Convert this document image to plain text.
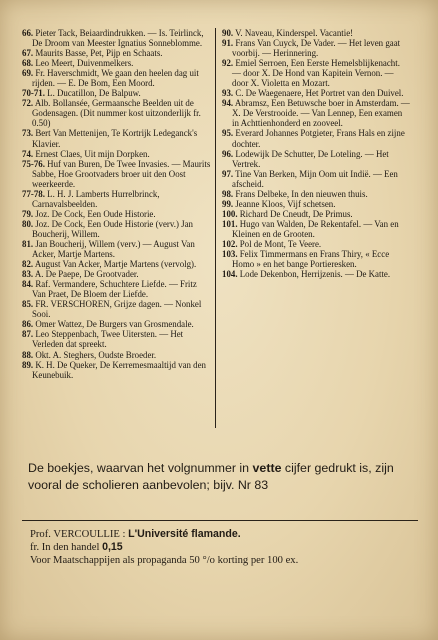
66. Pieter Tack, Beiaardindrukken. — Is. Teirlinck, De Droom van Meester Ignatius Sonneblomme.
67. Maurits Basse, Pet, Pijp en Schaats.
68. Leo Meert, Duivenmelkers.
69. Fr. Haverschmidt, We gaan den heelen dag uit rijden. — E. De Bom, Een Moord.
70-71. L. Ducatillon, De Balpuw.
72. Alb. Bollansée, Germaansche Beelden uit de Godensagen. (Dit nummer kost uitzonderlijk fr. 0.50)
73. Bert Van Mettenijen, Te Kortrijk Ledeganck's Klavier.
74. Ernest Claes, Uit mijn Dorpken.
75-76. Huf van Buren, De Twee Invasies. — Maurits Sabbe, Hoe Grootvaders broer uit den Oost weerkeerde.
77-78. L. H. J. Lamberts Hurrelbrinck, Carnavalsbeelden.
79. Joz. De Cock, Een Oude Historie.
80. Joz. De Cock, Een Oude Historie (verv.) Jan Boucherij, Willem.
81. Jan Boucherij, Willem (verv.) — August Van Acker, Martje Martens.
82. August Van Acker, Martje Martens (vervolg).
83. A. De Paepe, De Grootvader.
84. Raf. Vermandere, Schuchtere Liefde. — Fritz Van Praet, De Bloem der Liefde.
85. FR. VERSCHOREN, Grijze dagen. — Nonkel Sooi.
86. Omer Wattez, De Burgers van Grosmendale.
87. Leo Steppenbach, Twee Uitersten. — Het Verleden dat spreekt.
88. Okt. A. Steghers, Oudste Broeder.
89. K. H. De Queker, De Kerremesmaaltijd van den Keunebuik.
90. V. Naveau, Kinderspel. Vacantie!
91. Frans Van Cuyck, De Vader. — Het leven gaat voorbij. — Herinnering.
92. Emiel Serroen, Een Eerste Hemelsblijkenacht. — door X. De Hond van Kapitein Vernon. — door X. Violetta en Mozart.
93. C. De Waegenaere, Het Portret van den Duivel.
94. Abramsz, Een Betuwsche boer in Amsterdam. — X. De Verstrooide. — Van Lennep, Een examen in Achttienhonderd en zooveel.
95. Everard Johannes Potgieter, Frans Hals en zijne dochter.
96. Lodewijk De Schutter, De Loteling. — Het Vertrek.
97. Tine Van Berken, Mijn Oom uit Indië. — Een afscheid.
98. Frans Delbeke, In den nieuwen thuis.
99. Jeanne Kloos, Vijf schetsen.
100. Richard De Cneudt, De Primus.
101. Hugo van Walden, De Rekentafel. — Van en Kleinen en de Grooten.
102. Pol de Mont, Te Veere.
103. Felix Timmermans en Frans Thiry, « Ecce Homo » en het bange Portieresken.
104. Lode Dekenbon, Herrijzenis. — De Katte.
De boekjes, waarvan het volgnummer in vette cijfer gedrukt is, zijn vooral de scholieren aanbevolen; bijv. Nr 83
Prof. VERCOULLIE : L'Université flamande.
fr. In den handel 0,15
Voor Maatschappijen als propaganda 50 °/o korting per 100 ex.
